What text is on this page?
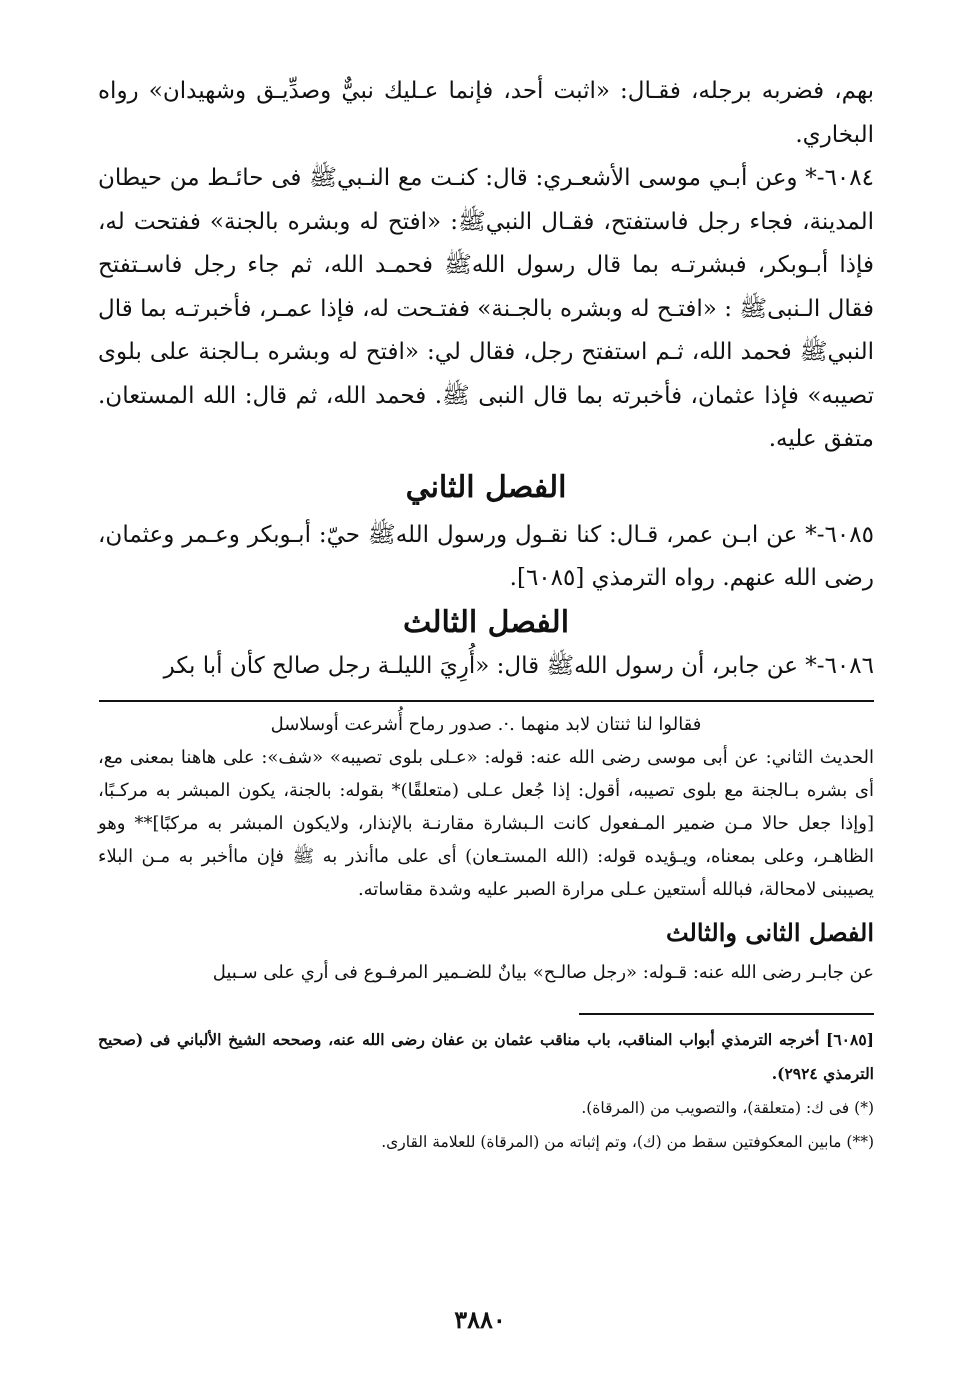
بهم، فضربه برجله، فقـال: «اثبت أحد، فإنما عـليك نبيٌّ وصدِّيـق وشهيدان» رواه البخاري.

٦٠٨٤-* وعن أبـي موسى الأشعـري: قال: كنـت مع النـبيﷺ فى حائـط من حيطان المدينة، فجاء رجل فاستفتح، فقـال النبيﷺ: «افتح له وبشره بالجنة» ففتحت له، فإذا أبـوبكر، فبشرتـه بما قال رسول اللهﷺ فحمـد الله، ثم جاء رجل فاسـتفتح فقال الـنبىﷺ : «افتـح له وبشره بالجـنة» ففتـحت له، فإذا عمـر، فأخبرتـه بما قال النبيﷺ فحمد الله، ثـم استفتح رجل، فقال لي: «افتح له وبشره بـالجنة على بلوى تصيبه» فإذا عثمان، فأخبرته بما قال النبى ﷺ. فحمد الله، ثم قال: الله المستعان. متفق عليه.

الفصل الثاني

٦٠٨٥-* عن ابـن عمر، قـال: كنا نقـول ورسول اللهﷺ حيّ: أبـوبكر وعـمر وعثمان، رضى الله عنهم. رواه الترمذي [٦٠٨٥].

الفصل الثالث

٦٠٨٦-* عن جابر، أن رسول اللهﷺ قال: «أُرِيَ الليلـة رجل صالح كأن أبا بكر

فقالوا لنا ثنتان لابد منهما .·. صدور رماح أُشرعت أوسلاسل

الحديث الثاني: عن أبى موسى رضى الله عنه: قوله: «عـلى بلوى تصيبه» «شف»: على هاهنا بمعنى مع، أى بشره بـالجنة مع بلوى تصيبه، أقول: إذا جُعل عـلى (متعلقًا)* بقوله: بالجنة، يكون المبشر به مركـبًا، [وإذا جعل حالا مـن ضمير المـفعول كانت الـبشارة مقارنـة بالإنذار، ولايكون المبشر به مركبًا]** وهو الظاهـر، وعلى بمعناه، ويـؤيده قوله: (الله المستـعان) أى على ماأنذر به ﷺ فإن ماأخبر به مـن البلاء يصيبنى لامحالة، فبالله أستعين عـلى مرارة الصبر عليه وشدة مقاساته.

الفصل الثانى والثالث

عن جابـر رضى الله عنه: قـوله: «رجل صالـح» بيانٌ للضـمير المرفـوع فى أري على سـبيل

[٦٠٨٥] أخرجه الترمذي أبواب المناقب، باب مناقب عثمان بن عفان رضى الله عنه، وصححه الشيخ الألباني فى (صحيح الترمذي ٢٩٢٤).

(*) فى ك: (متعلقة)، والتصويب من (المرقاة).

(**) مابين المعكوفتين سقط من (ك)، وتم إثباته من (المرقاة) للعلامة القارى.

٣٨٨٠
